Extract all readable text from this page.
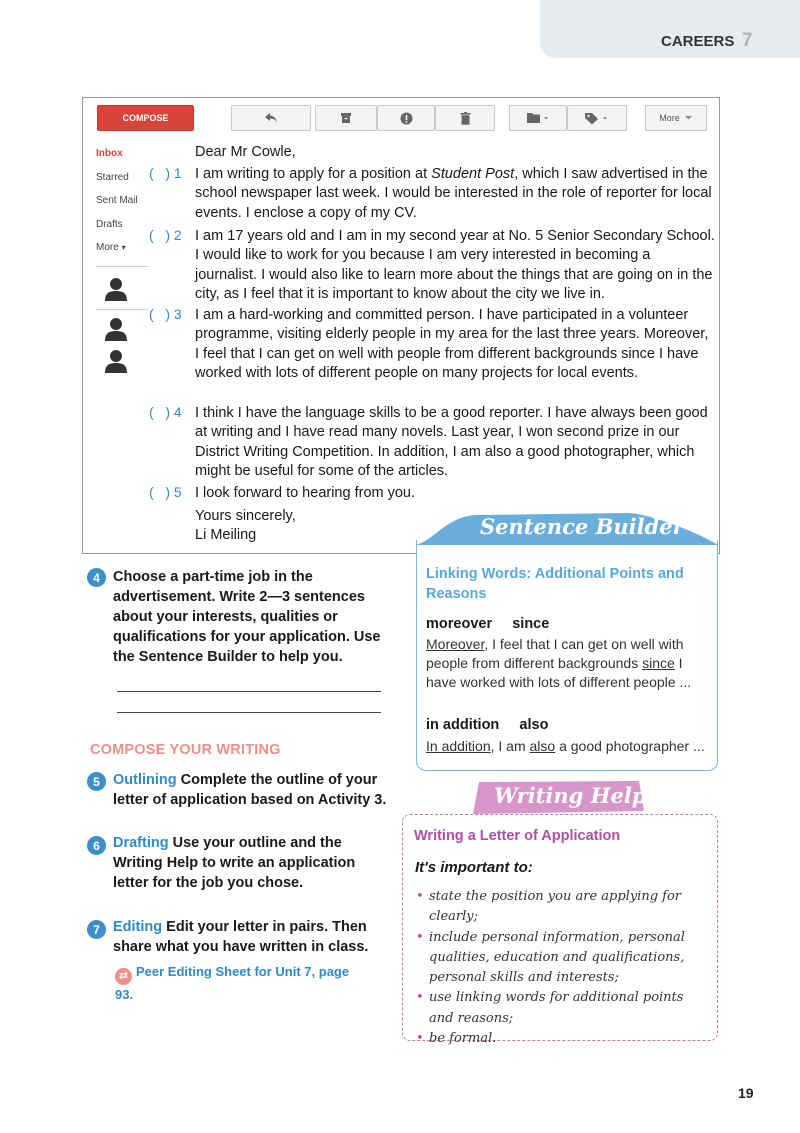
CAREERS 7
COMPOSE	More
Inbox
Starred
Sent Mail
Drafts
More ▾
(   ) 1
(   ) 2
(   ) 3
(   ) 4
(   ) 5
Dear Mr Cowle,
I am writing to apply for a position at Student Post, which I saw advertised in the school newspaper last week. I would be interested in the role of reporter for local events. I enclose a copy of my CV.
I am 17 years old and I am in my second year at No. 5 Senior Secondary School. I would like to work for you because I am very interested in becoming a journalist. I would also like to learn more about the things that are going on in the city, as I feel that it is important to know about the city we live in.
I am a hard-working and committed person. I have participated in a volunteer programme, visiting elderly people in my area for the last three years. Moreover, I feel that I can get on well with people from different backgrounds since I have worked with lots of different people on many projects for local events.
I think I have the language skills to be a good reporter. I have always been good at writing and I have read many novels. Last year, I won second prize in our District Writing Competition. In addition, I am also a good photographer, which might be useful for some of the articles.
I look forward to hearing from you.
Yours sincerely,
Li Meiling
4 Choose a part-time job in the advertisement. Write 2—3 sentences about your interests, qualities or qualifications for your application. Use the Sentence Builder to help you.
COMPOSE YOUR WRITING
5 Outlining Complete the outline of your letter of application based on Activity 3.
6 Drafting Use your outline and the Writing Help to write an application letter for the job you chose.
7 Editing Edit your letter in pairs. Then share what you have written in class.
⇄ Peer Editing Sheet for Unit 7, page 93.
Sentence Builder
Linking Words: Additional Points and Reasons
moreover     since
Moreover, I feel that I can get on well with people from different backgrounds since I have worked with lots of different people ...
in addition     also
In addition, I am also a good photographer ...
Writing Help
Writing a Letter of Application
It's important to:
• state the position you are applying for clearly;
• include personal information, personal qualities, education and qualifications, personal skills and interests;
• use linking words for additional points and reasons;
• be formal.
19
